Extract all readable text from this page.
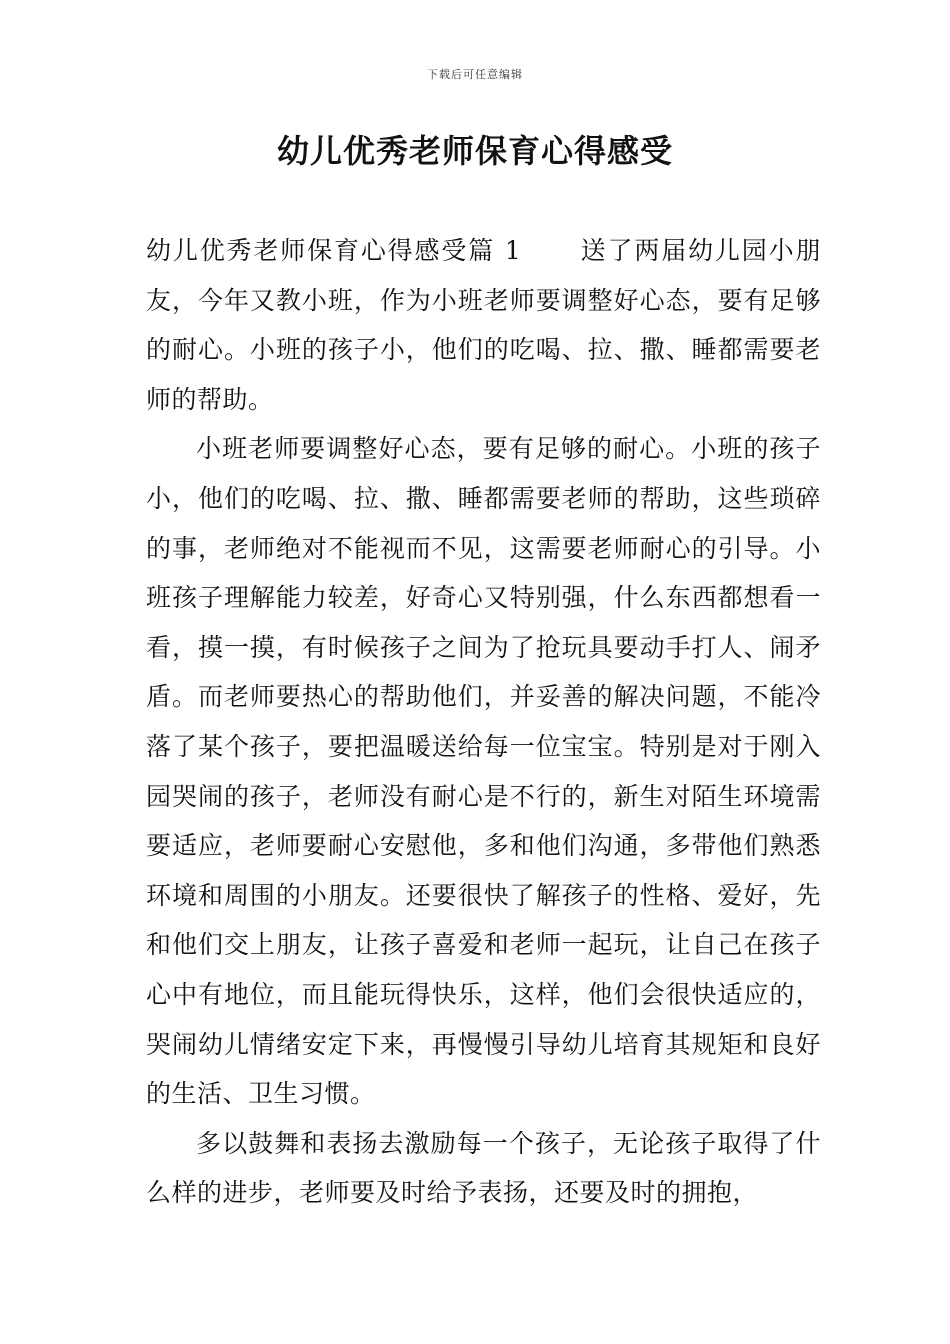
下载后可任意编辑
幼儿优秀老师保育心得感受

幼儿优秀老师保育心得感受篇 1 送了两届幼儿园小朋友，今年又教小班，作为小班老师要调整好心态，要有足够的耐心。小班的孩子小，他们的吃喝、拉、撒、睡都需要老师的帮助。

小班老师要调整好心态，要有足够的耐心。小班的孩子小，他们的吃喝、拉、撒、睡都需要老师的帮助，这些琐碎的事，老师绝对不能视而不见，这需要老师耐心的引导。小班孩子理解能力较差，好奇心又特别强，什么东西都想看一看，摸一摸，有时候孩子之间为了抢玩具要动手打人、闹矛盾。而老师要热心的帮助他们，并妥善的解决问题，不能冷落了某个孩子，要把温暖送给每一位宝宝。特别是对于刚入园哭闹的孩子，老师没有耐心是不行的，新生对陌生环境需要适应，老师要耐心安慰他，多和他们沟通，多带他们熟悉环境和周围的小朋友。还要很快了解孩子的性格、爱好，先和他们交上朋友，让孩子喜爱和老师一起玩，让自己在孩子心中有地位，而且能玩得快乐，这样，他们会很快适应的，哭闹幼儿情绪安定下来，再慢慢引导幼儿培育其规矩和良好的生活、卫生习惯。

多以鼓舞和表扬去激励每一个孩子，无论孩子取得了什么样的进步，老师要及时给予表扬，还要及时的拥抱，
